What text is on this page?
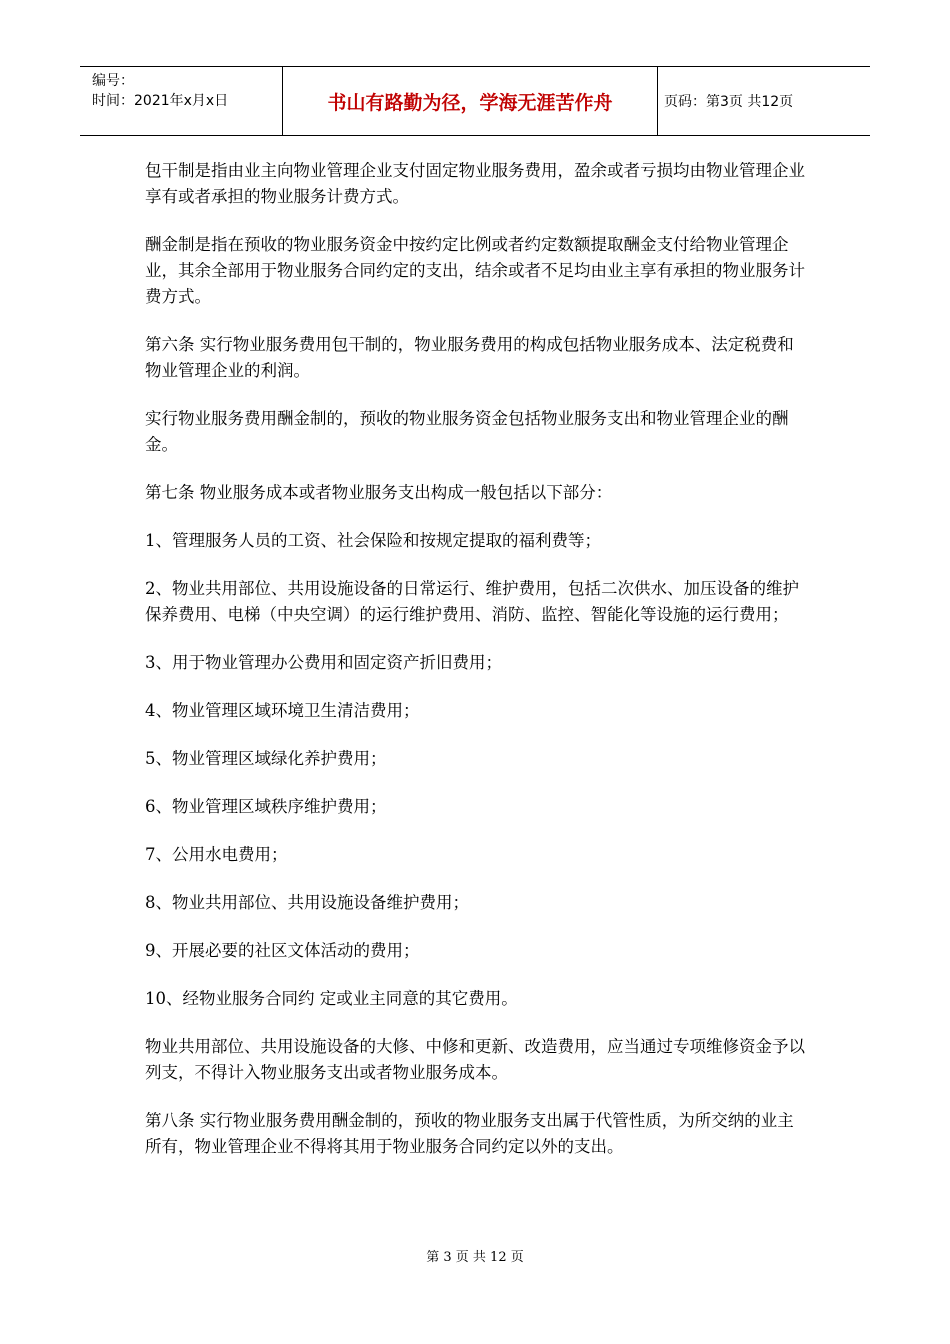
编号：
时间：2021年x月x日	书山有路勤为径，学海无涯苦作舟	页码：第3页 共12页

包干制是指由业主向物业管理企业支付固定物业服务费用，盈余或者亏损均由物业管理企业享有或者承担的物业服务计费方式。

酬金制是指在预收的物业服务资金中按约定比例或者约定数额提取酬金支付给物业管理企业，其余全部用于物业服务合同约定的支出，结余或者不足均由业主享有承担的物业服务计费方式。

第六条 实行物业服务费用包干制的，物业服务费用的构成包括物业服务成本、法定税费和物业管理企业的利润。

实行物业服务费用酬金制的，预收的物业服务资金包括物业服务支出和物业管理企业的酬金。

第七条 物业服务成本或者物业服务支出构成一般包括以下部分：

1、管理服务人员的工资、社会保险和按规定提取的福利费等；

2、物业共用部位、共用设施设备的日常运行、维护费用，包括二次供水、加压设备的维护保养费用、电梯（中央空调）的运行维护费用、消防、监控、智能化等设施的运行费用；

3、用于物业管理办公费用和固定资产折旧费用；

4、物业管理区域环境卫生清洁费用；

5、物业管理区域绿化养护费用；

6、物业管理区域秩序维护费用；

7、公用水电费用；

8、物业共用部位、共用设施设备维护费用；

9、开展必要的社区文体活动的费用；

10、经物业服务合同约 定或业主同意的其它费用。

物业共用部位、共用设施设备的大修、中修和更新、改造费用，应当通过专项维修资金予以列支，不得计入物业服务支出或者物业服务成本。

第八条 实行物业服务费用酬金制的，预收的物业服务支出属于代管性质，为所交纳的业主所有，物业管理企业不得将其用于物业服务合同约定以外的支出。

第 3 页 共 12 页
